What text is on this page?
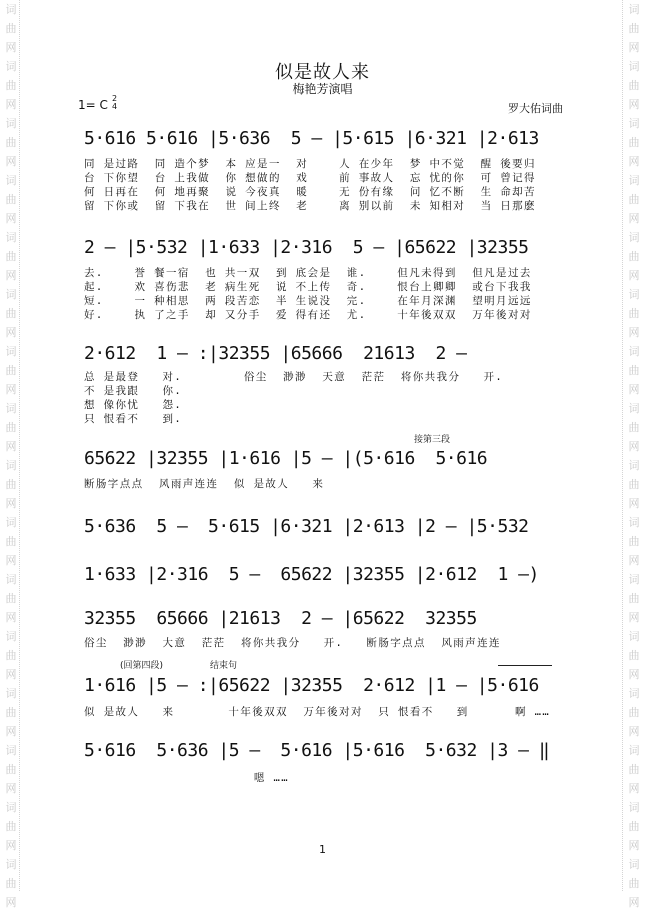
词
曲
网
词
曲
网
词
曲
网
词
曲
网
词
曲
网
词
曲
网
词
曲
网
词
曲
网
词
曲
网
词
曲
网
词
曲
网
词
曲
网
词
曲
网
词
曲
网
词
曲
网
词
曲
网
词
曲
网
词
曲
网
词
曲
网
词
曲
网
词
曲
网
词
曲
网
词
曲
网
词
曲
网
词
曲
网
词
曲
网
词
曲
网
词
曲
网
词
曲
网
词
曲
网
词
曲
网
词
曲
网
似是故人来
梅艳芳演唱
1= C 2
4	罗大佑词曲
5·616 5·616 |5·636  5 — |5·615 |6·321 |2·613
同 是过路  同 造个梦  本 应是一  对    人 在少年  梦 中不觉  醒 後要归
台 下你望  台 上我做  你 想做的  戏    前 事故人  忘 忧的你  可 曾记得
何 日再在  何 地再聚  说 今夜真  暖    无 份有缘  问 忆不断  生 命却苦
留 下你或  留 下我在  世 间上终  老    离 别以前  未 知相对  当 日那麽
2 — |5·532 |1·633 |2·316  5 — |65622 |32355
去.    誉 餐一宿  也 共一双  到 底会是  谁.    但凡未得到  但凡是过去
起.    欢 喜伤悲  老 病生死  说 不上传  奇.    恨台上卿卿  或台下我我
短.    一 种相思  两 段苦恋  半 生说没  完.    在年月深渊  望明月远远
好.    执 了之手  却 又分手  爱 得有还  尤.    十年後双双  万年後对对
2·612  1 — :|32355 |65666  21613  2 —
总 是最登   对.        俗尘  渺渺  天意  茫茫  将你共我分   开.
不 是我跟   你.
想 像你忧   怨.
只 恨看不   到.
接第三段
65622 |32355 |1·616 |5 — |(5·616  5·616
断肠字点点  风雨声连连  似 是故人   来
5·636  5 —  5·615 |6·321 |2·613 |2 — |5·532
1·633 |2·316  5 —  65622 |32355 |2·612  1 —)
32355  65666 |21613  2 — |65622  32355
俗尘  渺渺  大意  茫茫  将你共我分   开.   断肠字点点  风雨声连连
(回第四段)	结束句
1·616 |5 — :|65622 |32355  2·612 |1 — |5·616
似 是故人   来       十年後双双  万年後对对  只 恨看不   到      啊 ……
5·616  5·636 |5 —  5·616 |5·616  5·632 |3 — ‖
嗯 ……
1
